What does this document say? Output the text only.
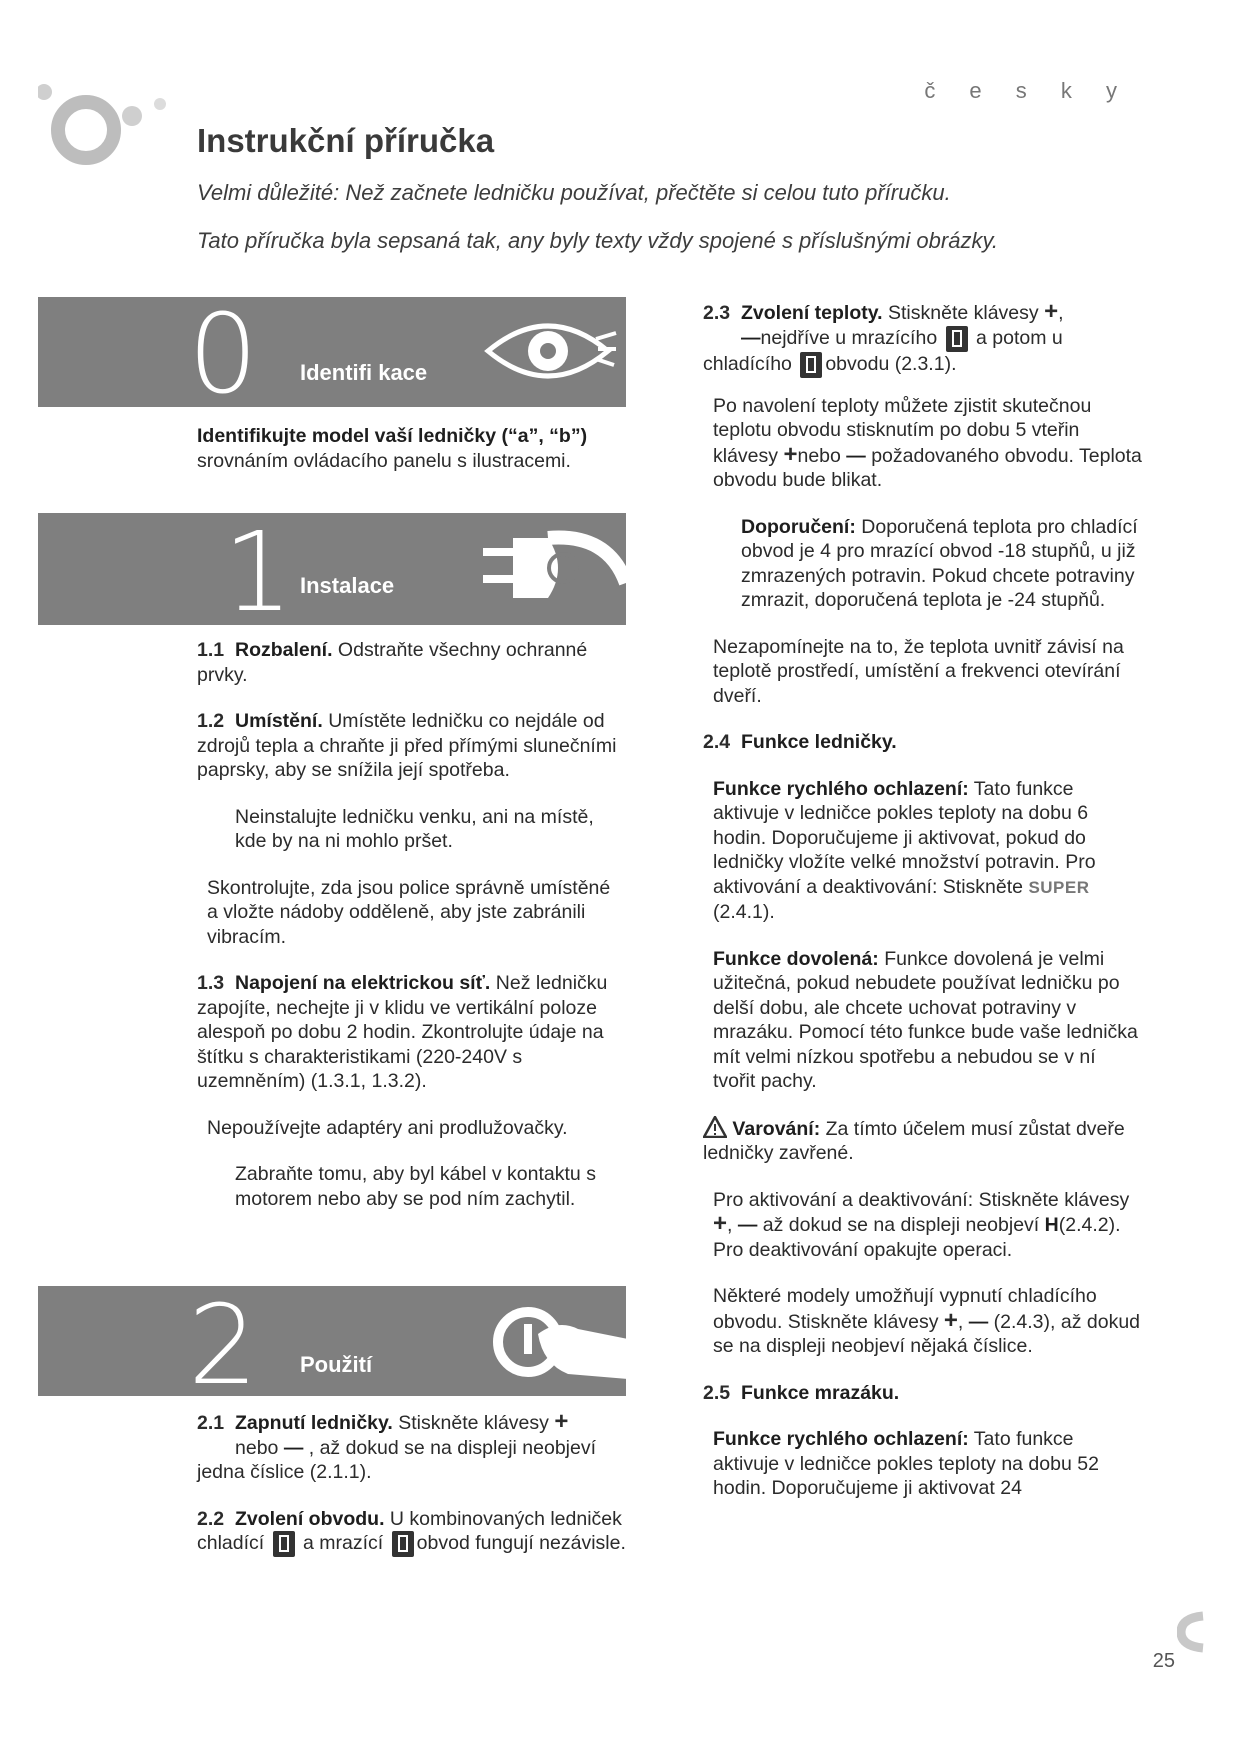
č e s k y
Instrukční příručka
Velmi důležité: Než začnete ledničku používat, přečtěte si celou tuto příručku.
Tato příručka byla sepsaná tak, any byly texty vždy spojené s příslušnými obrázky.
0 Identifi kace
Identifikujte model vaší ledničky (“a”, “b”)
srovnáním ovládacího panelu s ilustracemi.
1 Instalace
1.1 Rozbalení. Odstraňte všechny ochranné prvky.
1.2 Umístění. Umístěte ledničku co nejdále od zdrojů tepla a chraňte ji před přímými slunečními paprsky, aby se snížila její spotřeba.
Neinstalujte ledničku venku, ani na místě, kde by na ni mohlo pršet.
Skontrolujte, zda jsou police správně umístěné a vložte nádoby odděleně, aby jste zabránili vibracím.
1.3 Napojení na elektrickou síť. Než ledničku zapojíte, nechejte ji v klidu ve vertikální poloze alespoň po dobu 2 hodin. Zkontrolujte údaje na štítku s charakteristikami (220-240V s uzemněním) (1.3.1, 1.3.2).
Nepoužívejte adaptéry ani prodlužovačky.
Zabraňte tomu, aby byl kábel v kontaktu s motorem nebo aby se pod ním zachytil.
2 Použití
2.1 Zapnutí ledničky. Stiskněte klávesy +
nebo — , až dokud se na displeji neobjeví jedna číslice (2.1.1).
2.2 Zvolení obvodu. U kombinovaných ledniček chladící  a mrazící obvod fungují nezávisle.
2.3 Zvolení teploty. Stiskněte klávesy +,
—nejdříve u mrazícího  a potom u chladícího obvodu (2.3.1).
Po navolení teploty můžete zjistit skutečnou teplotu obvodu stisknutím po dobu 5 vteřin klávesy +nebo — požadovaného obvodu. Teplota obvodu bude blikat.
Doporučení: Doporučená teplota pro chladící obvod je 4 pro mrazící obvod -18 stupňů, u již zmrazených potravin. Pokud chcete potraviny zmrazit, doporučená teplota je -24 stupňů.
Nezapomínejte na to, že teplota uvnitř závisí na teplotě prostředí, umístění a frekvenci otevírání dveří.
2.4 Funkce ledničky.
Funkce rychlého ochlazení: Tato funkce aktivuje v ledničce pokles teploty na dobu 6 hodin. Doporučujeme ji aktivovat, pokud do ledničky vložíte velké množství potravin. Pro aktivování a deaktivování: Stiskněte SUPER (2.4.1).
Funkce dovolená: Funkce dovolená je velmi užitečná, pokud nebudete používat ledničku po delší dobu, ale chcete uchovat potraviny v mrazáku. Pomocí této funkce bude vaše lednička mít velmi nízkou spotřebu a nebudou se v ní tvořit pachy.
Varování: Za tímto účelem musí zůstat dveře ledničky zavřené.
Pro aktivování a deaktivování: Stiskněte klávesy +, — až dokud se na displeji neobjeví H(2.4.2). Pro deaktivování opakujte operaci.
Některé modely umožňují vypnutí chladícího obvodu. Stiskněte klávesy +, — (2.4.3), až dokud se na displeji neobjeví nějaká číslice.
2.5 Funkce mrazáku.
Funkce rychlého ochlazení: Tato funkce aktivuje v ledničce pokles teploty na dobu 52 hodin. Doporučujeme ji aktivovat 24
25
